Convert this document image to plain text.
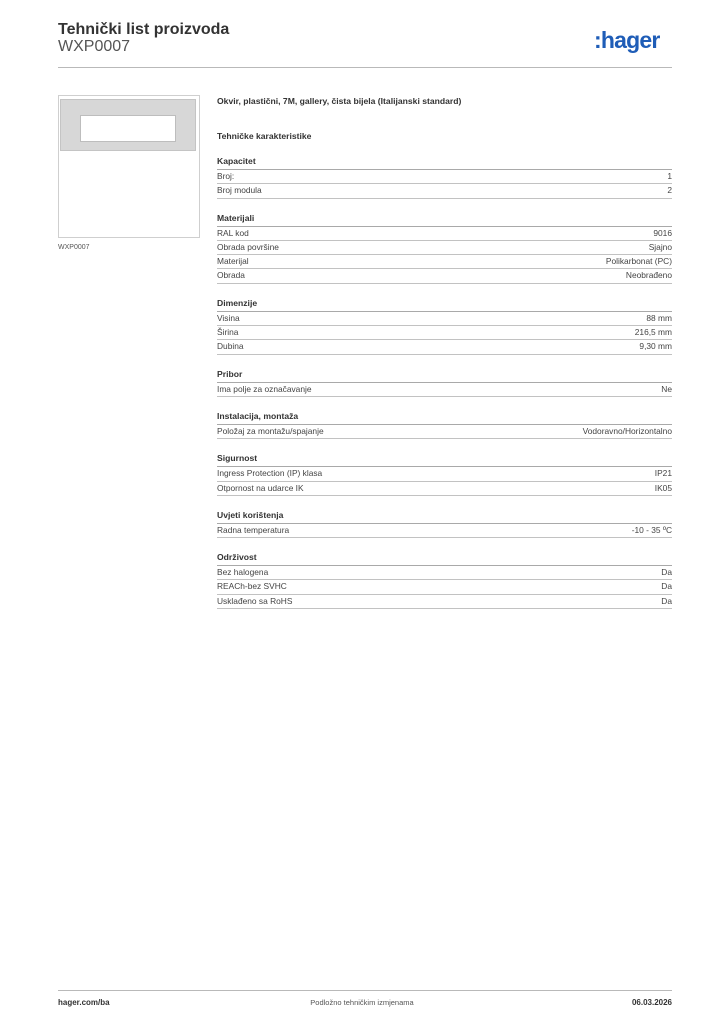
Tehnički list proizvoda
WXP0007	:hager
WXP0007
Okvir, plastični, 7M, gallery, čista bijela (Italijanski standard)
Tehničke karakteristike
Kapacitet
Broj:	1
Broj modula	2
Materijali
RAL kod	9016
Obrada površine	Sjajno
Materijal	Polikarbonat (PC)
Obrada	Neobrađeno
Dimenzije
Visina	88 mm
Širina	216,5 mm
Dubina	9,30 mm
Pribor
Ima polje za označavanje	Ne
Instalacija, montaža
Položaj za montažu/spajanje	Vodoravno/Horizontalno
Sigurnost
Ingress Protection (IP) klasa	IP21
Otpornost na udarce IK	IK05
Uvjeti korištenja
Radna temperatura	-10 - 35 ºC
Održivost
Bez halogena	Da
REACh-bez SVHC	Da
Usklađeno sa RoHS	Da
hager.com/ba	Podložno tehničkim izmjenama	06.03.2026
